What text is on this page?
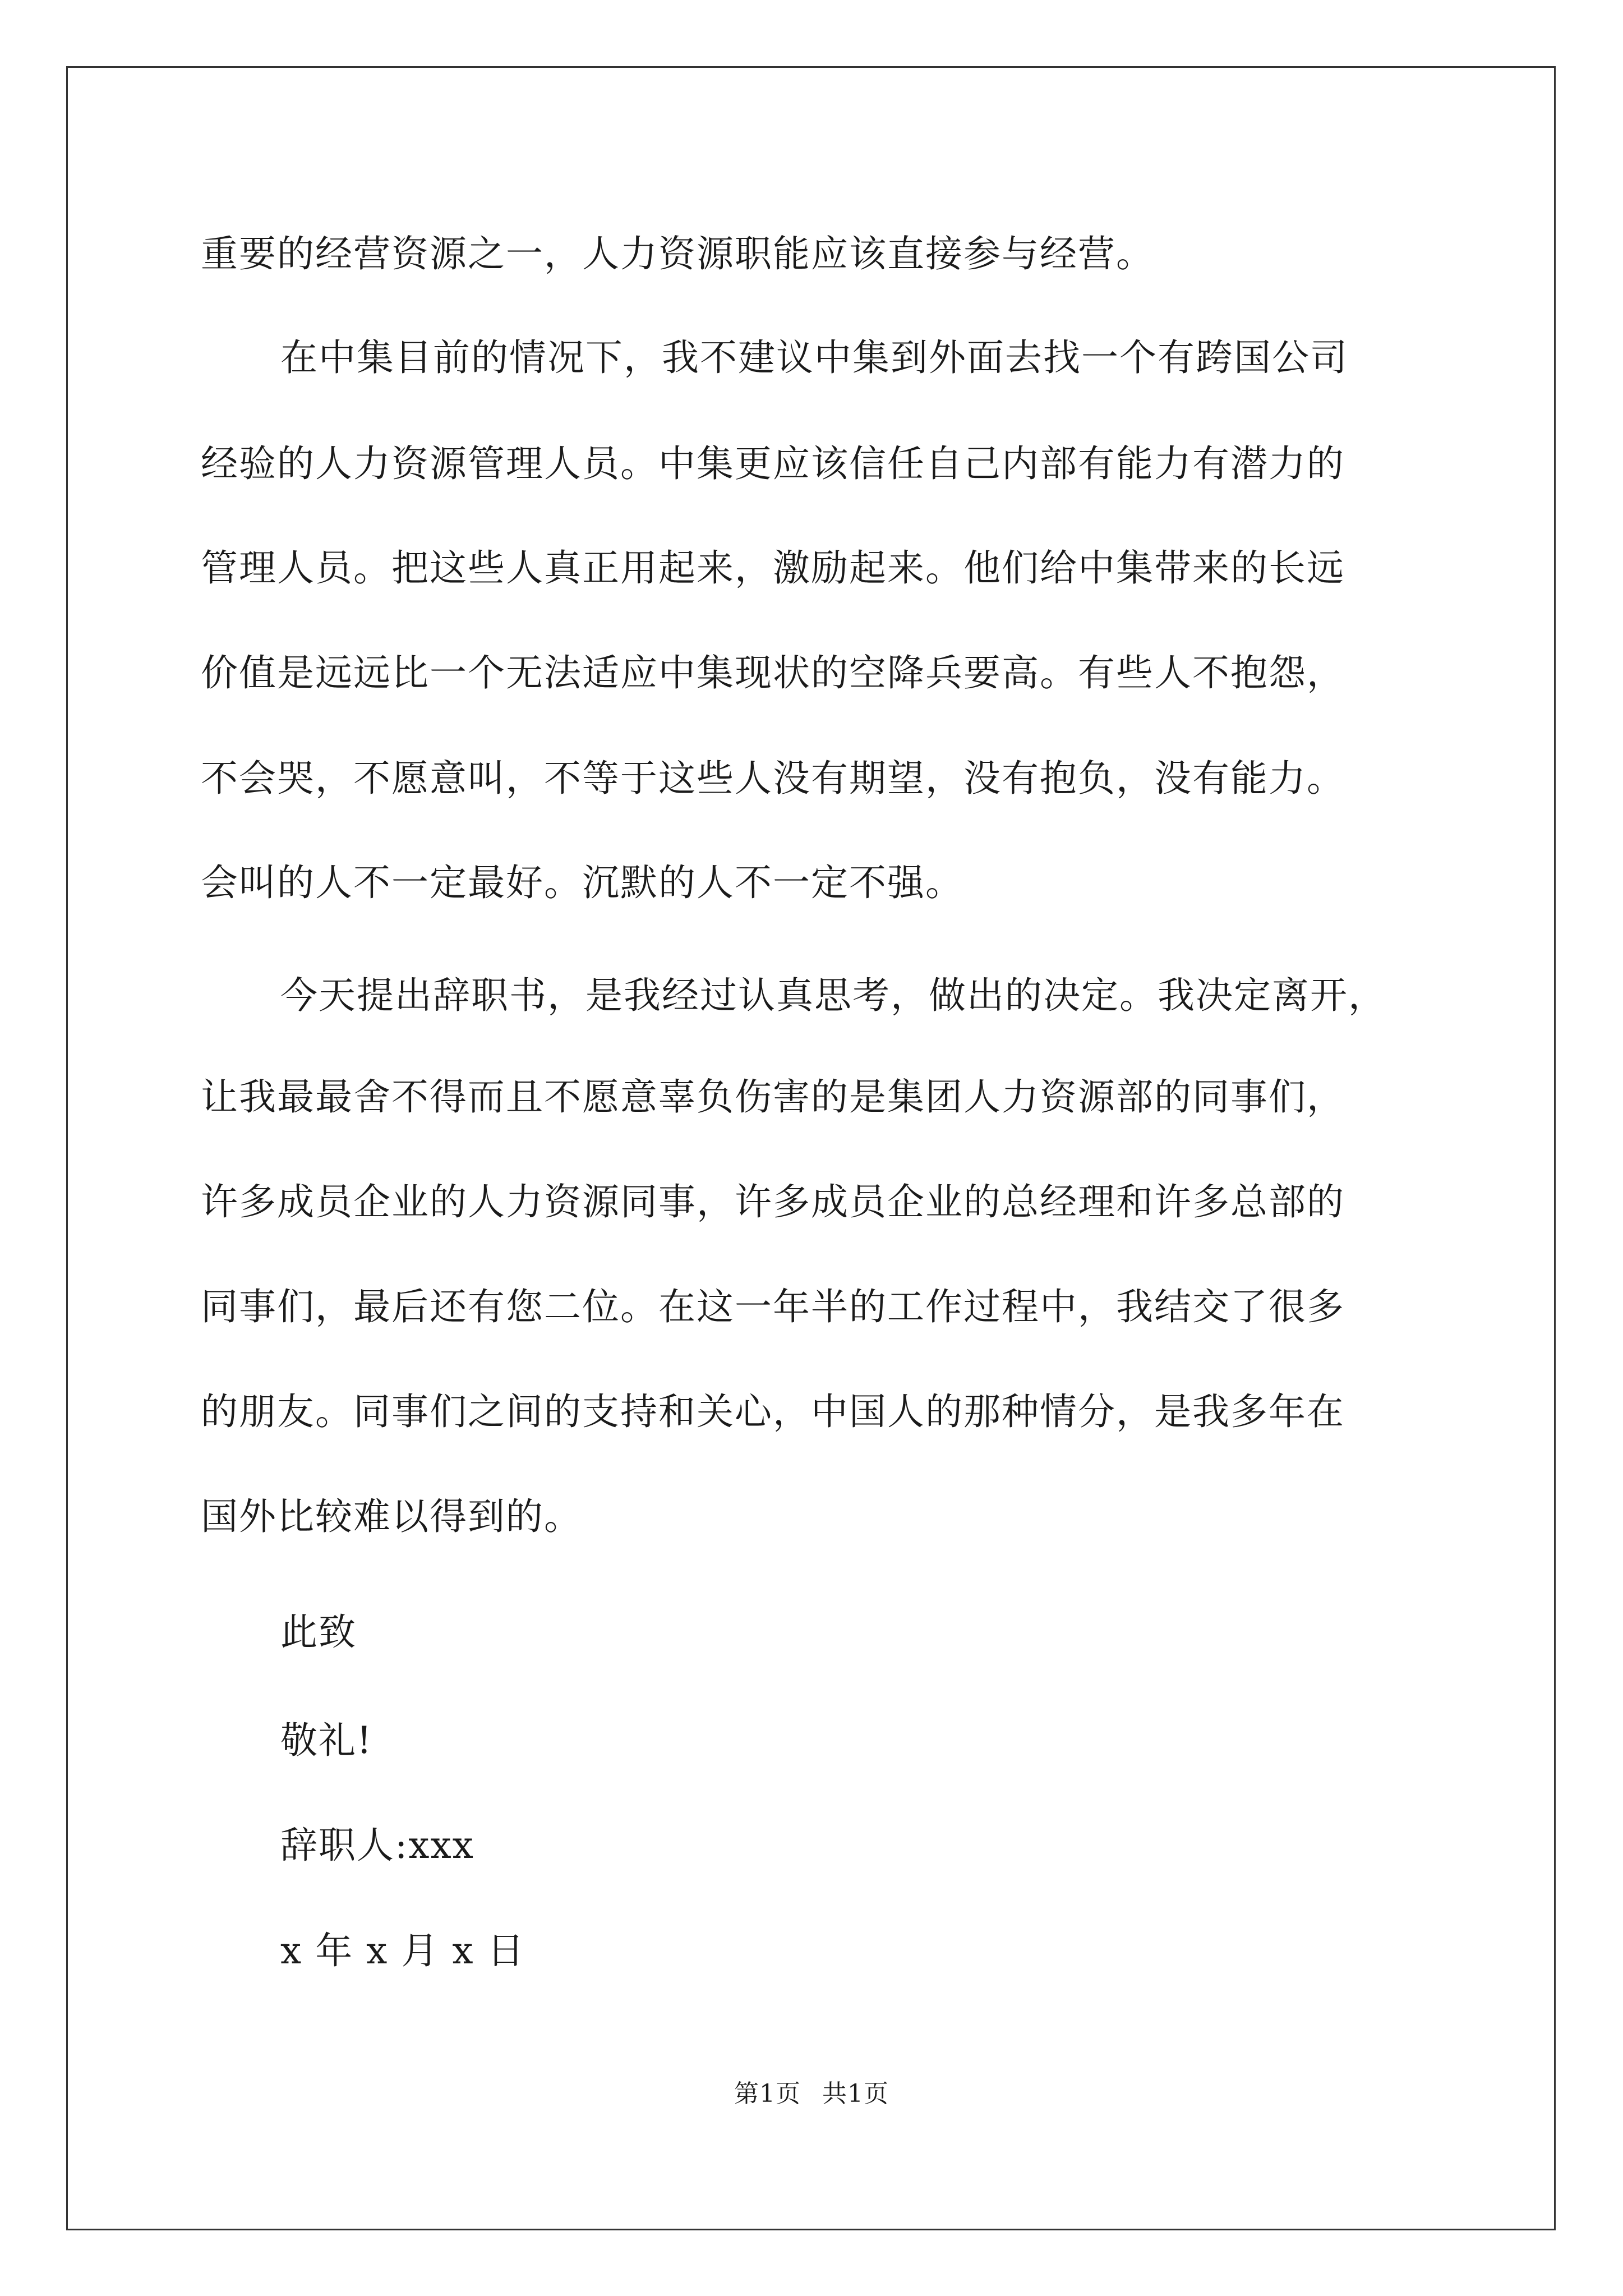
重要的经营资源之一，人力资源职能应该直接参与经营。
在中集目前的情况下，我不建议中集到外面去找一个有跨国公司
经验的人力资源管理人员。中集更应该信任自己内部有能力有潜力的
管理人员。把这些人真正用起来，激励起来。他们给中集带来的长远
价值是远远比一个无法适应中集现状的空降兵要高。有些人不抱怨，
不会哭，不愿意叫，不等于这些人没有期望，没有抱负，没有能力。
会叫的人不一定最好。沉默的人不一定不强。
今天提出辞职书，是我经过认真思考，做出的决定。我决定离开，
让我最最舍不得而且不愿意辜负伤害的是集团人力资源部的同事们，
许多成员企业的人力资源同事，许多成员企业的总经理和许多总部的
同事们，最后还有您二位。在这一年半的工作过程中，我结交了很多
的朋友。同事们之间的支持和关心，中国人的那种情分，是我多年在
国外比较难以得到的。
此致
敬礼!
辞职人:xxx
x 年 x 月 x 日
第1页 共1页
